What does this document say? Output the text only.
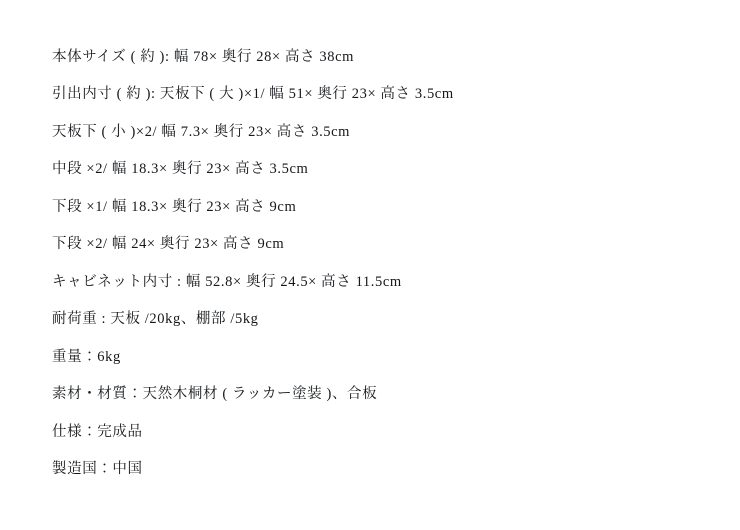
本体サイズ ( 約 ): 幅 78× 奥行 28× 高さ 38cm
引出内寸 ( 約 ): 天板下 ( 大 )×1/ 幅 51× 奥行 23× 高さ 3.5cm
天板下 ( 小 )×2/ 幅 7.3× 奥行 23× 高さ 3.5cm
中段 ×2/ 幅 18.3× 奥行 23× 高さ 3.5cm
下段 ×1/ 幅 18.3× 奥行 23× 高さ 9cm
下段 ×2/ 幅 24× 奥行 23× 高さ 9cm
キャビネット内寸 : 幅 52.8× 奥行 24.5× 高さ 11.5cm
耐荷重 : 天板 /20kg、棚部 /5kg
重量：6kg
素材・材質：天然木桐材 ( ラッカー塗装 )、合板
仕様：完成品
製造国：中国
